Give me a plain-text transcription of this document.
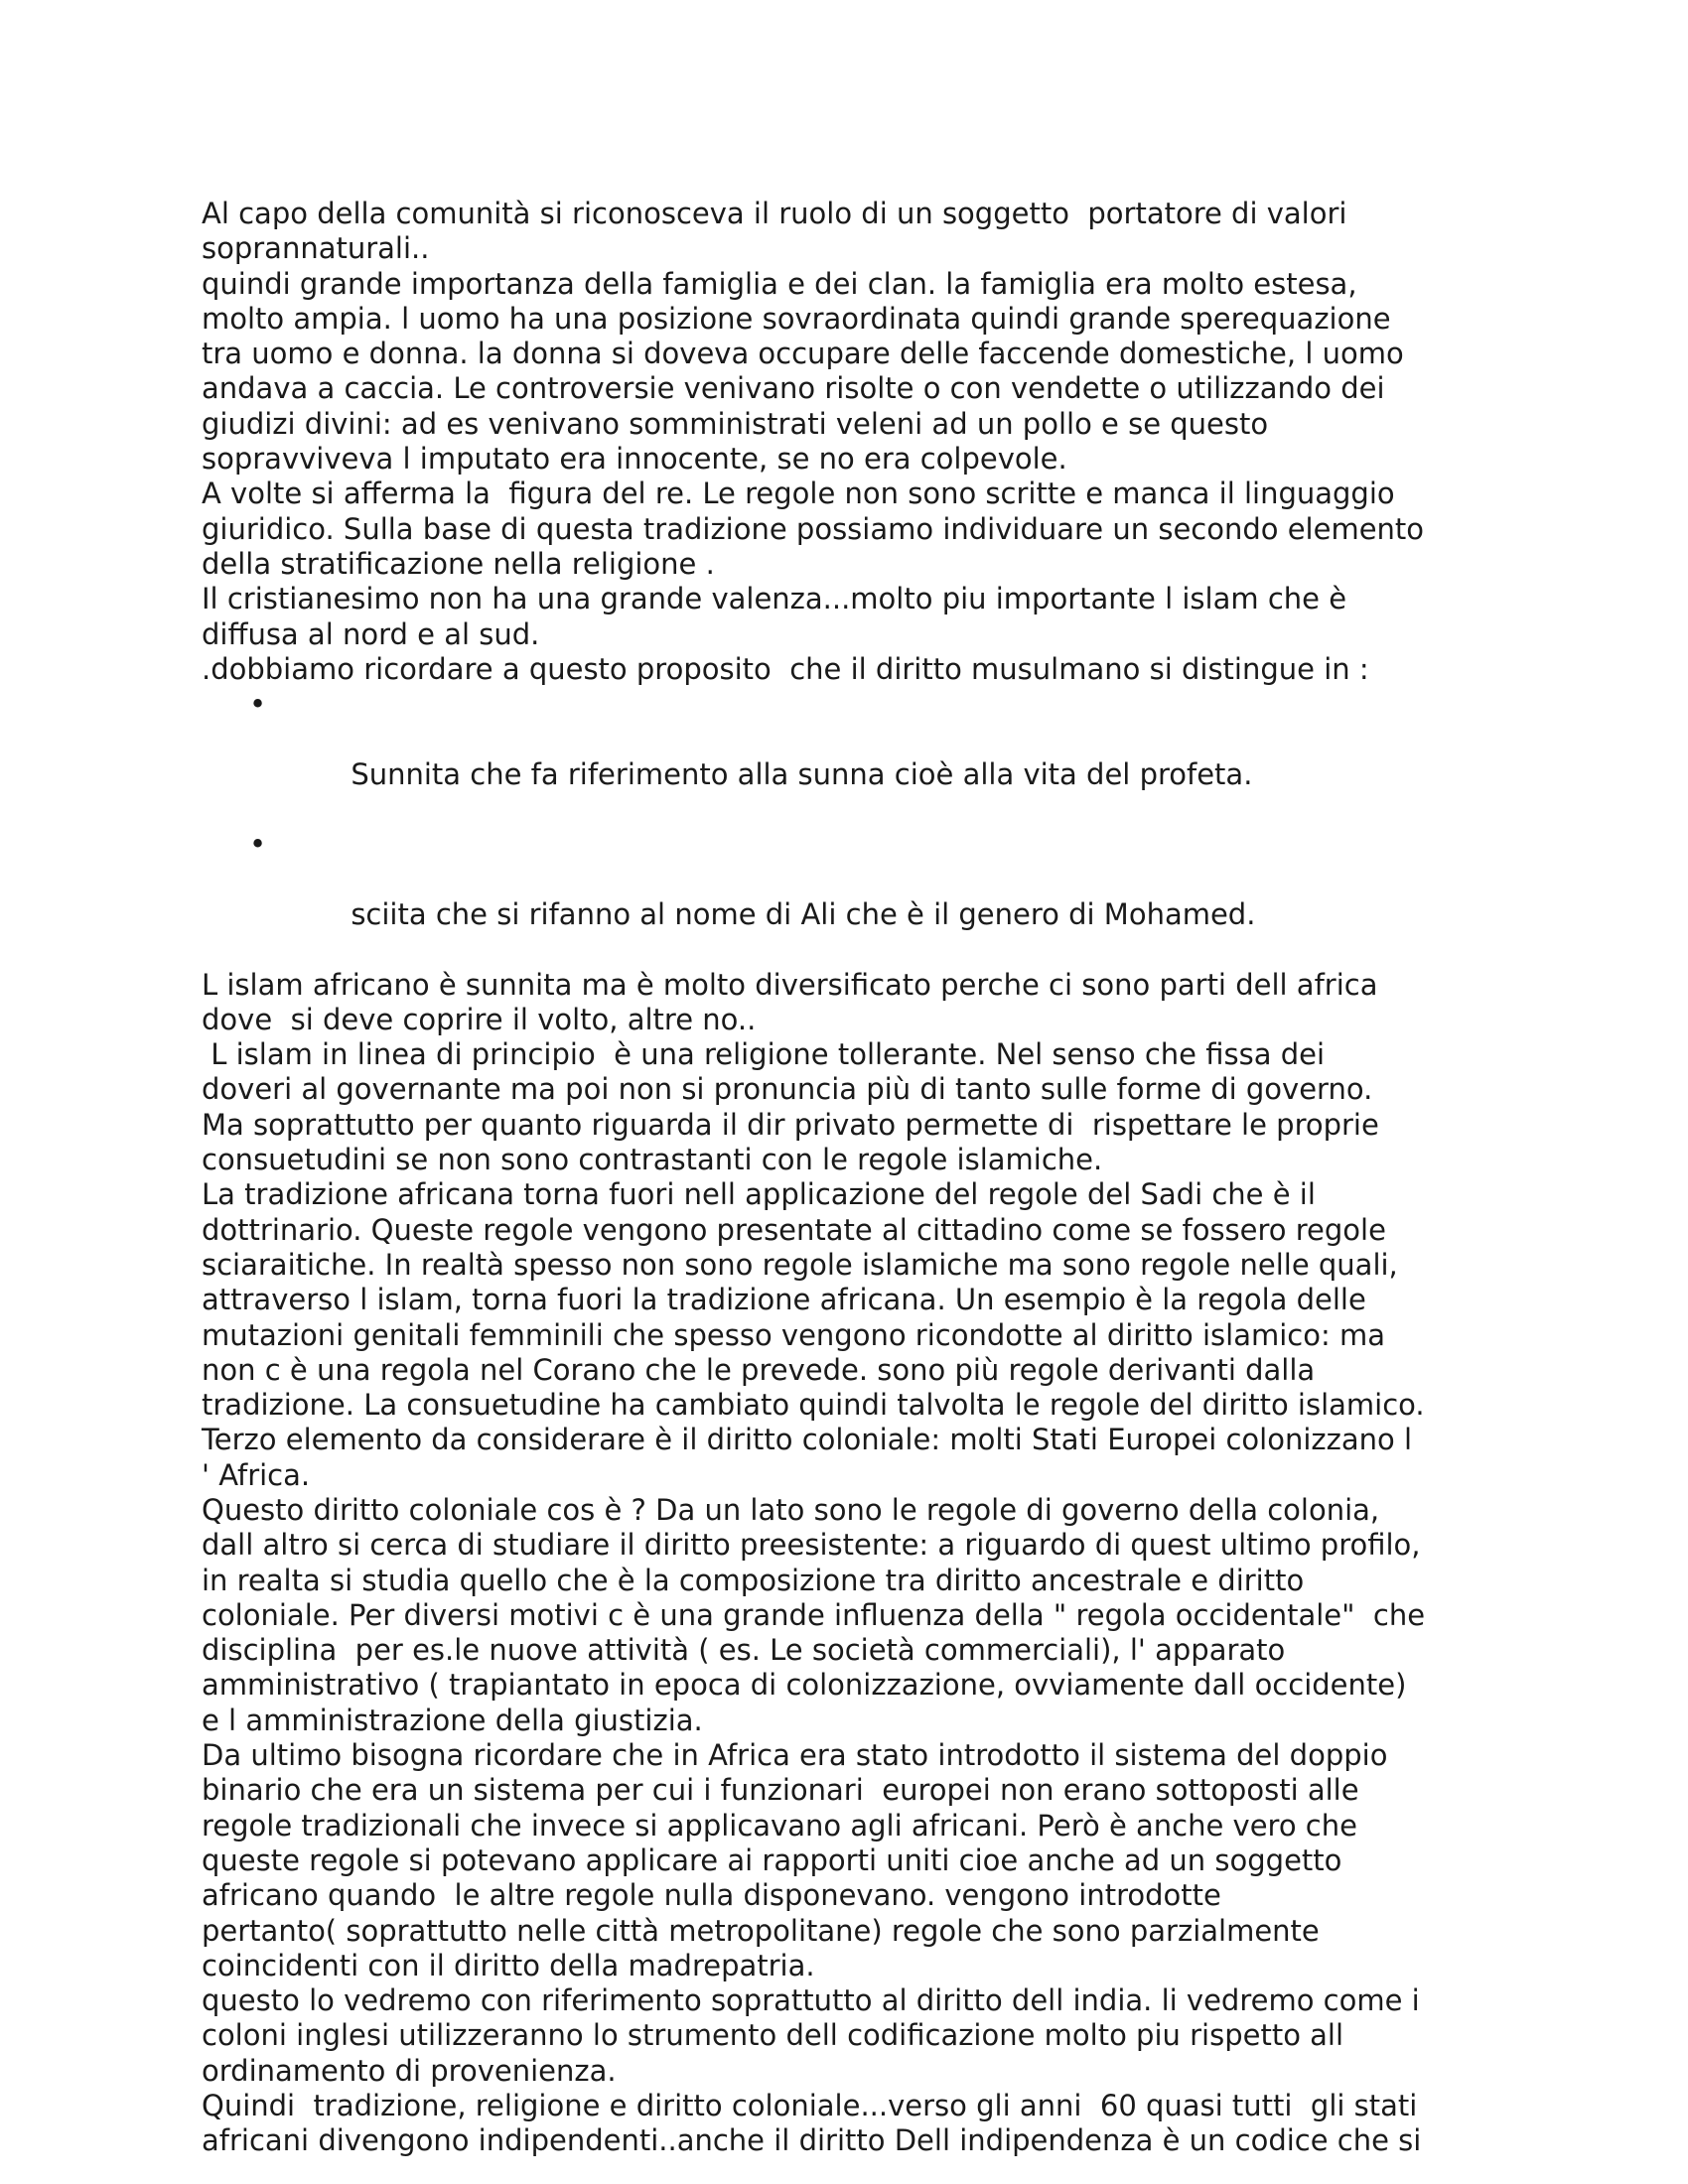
Al capo della comunità si riconosceva il ruolo di un soggetto  portatore di valori
soprannaturali..
quindi grande importanza della famiglia e dei clan. la famiglia era molto estesa,
molto ampia. l uomo ha una posizione sovraordinata quindi grande sperequazione
tra uomo e donna. la donna si doveva occupare delle faccende domestiche, l uomo
andava a caccia. Le controversie venivano risolte o con vendette o utilizzando dei
giudizi divini: ad es venivano somministrati veleni ad un pollo e se questo
sopravviveva l imputato era innocente, se no era colpevole.
A volte si afferma la  figura del re. Le regole non sono scritte e manca il linguaggio
giuridico. Sulla base di questa tradizione possiamo individuare un secondo elemento
della stratificazione nella religione .
Il cristianesimo non ha una grande valenza...molto piu importante l islam che è
diffusa al nord e al sud.
.dobbiamo ricordare a questo proposito  che il diritto musulmano si distingue in :

•

Sunnita che fa riferimento alla sunna cioè alla vita del profeta.

•

sciita che si rifanno al nome di Ali che è il genero di Mohamed.

L islam africano è sunnita ma è molto diversificato perche ci sono parti dell africa
dove  si deve coprire il volto, altre no..
L islam in linea di principio  è una religione tollerante. Nel senso che fissa dei
doveri al governante ma poi non si pronuncia più di tanto sulle forme di governo.
Ma soprattutto per quanto riguarda il dir privato permette di  rispettare le proprie
consuetudini se non sono contrastanti con le regole islamiche.
La tradizione africana torna fuori nell applicazione del regole del Sadi che è il
dottrinario. Queste regole vengono presentate al cittadino come se fossero regole
sciaraitiche. In realtà spesso non sono regole islamiche ma sono regole nelle quali,
attraverso l islam, torna fuori la tradizione africana. Un esempio è la regola delle
mutazioni genitali femminili che spesso vengono ricondotte al diritto islamico: ma
non c è una regola nel Corano che le prevede. sono più regole derivanti dalla
tradizione. La consuetudine ha cambiato quindi talvolta le regole del diritto islamico.
Terzo elemento da considerare è il diritto coloniale: molti Stati Europei colonizzano l
' Africa.
Questo diritto coloniale cos è ? Da un lato sono le regole di governo della colonia,
dall altro si cerca di studiare il diritto preesistente: a riguardo di quest ultimo profilo,
in realta si studia quello che è la composizione tra diritto ancestrale e diritto
coloniale. Per diversi motivi c è una grande influenza della " regola occidentale"  che
disciplina  per es.le nuove attività ( es. Le società commerciali), l' apparato
amministrativo ( trapiantato in epoca di colonizzazione, ovviamente dall occidente)
e l amministrazione della giustizia.
Da ultimo bisogna ricordare che in Africa era stato introdotto il sistema del doppio
binario che era un sistema per cui i funzionari  europei non erano sottoposti alle
regole tradizionali che invece si applicavano agli africani. Però è anche vero che
queste regole si potevano applicare ai rapporti uniti cioe anche ad un soggetto
africano quando  le altre regole nulla disponevano. vengono introdotte
pertanto( soprattutto nelle città metropolitane) regole che sono parzialmente
coincidenti con il diritto della madrepatria.
questo lo vedremo con riferimento soprattutto al diritto dell india. li vedremo come i
coloni inglesi utilizzeranno lo strumento dell codificazione molto piu rispetto all
ordinamento di provenienza.
Quindi  tradizione, religione e diritto coloniale...verso gli anni  60 quasi tutti  gli stati
africani divengono indipendenti..anche il diritto Dell indipendenza è un codice che si
